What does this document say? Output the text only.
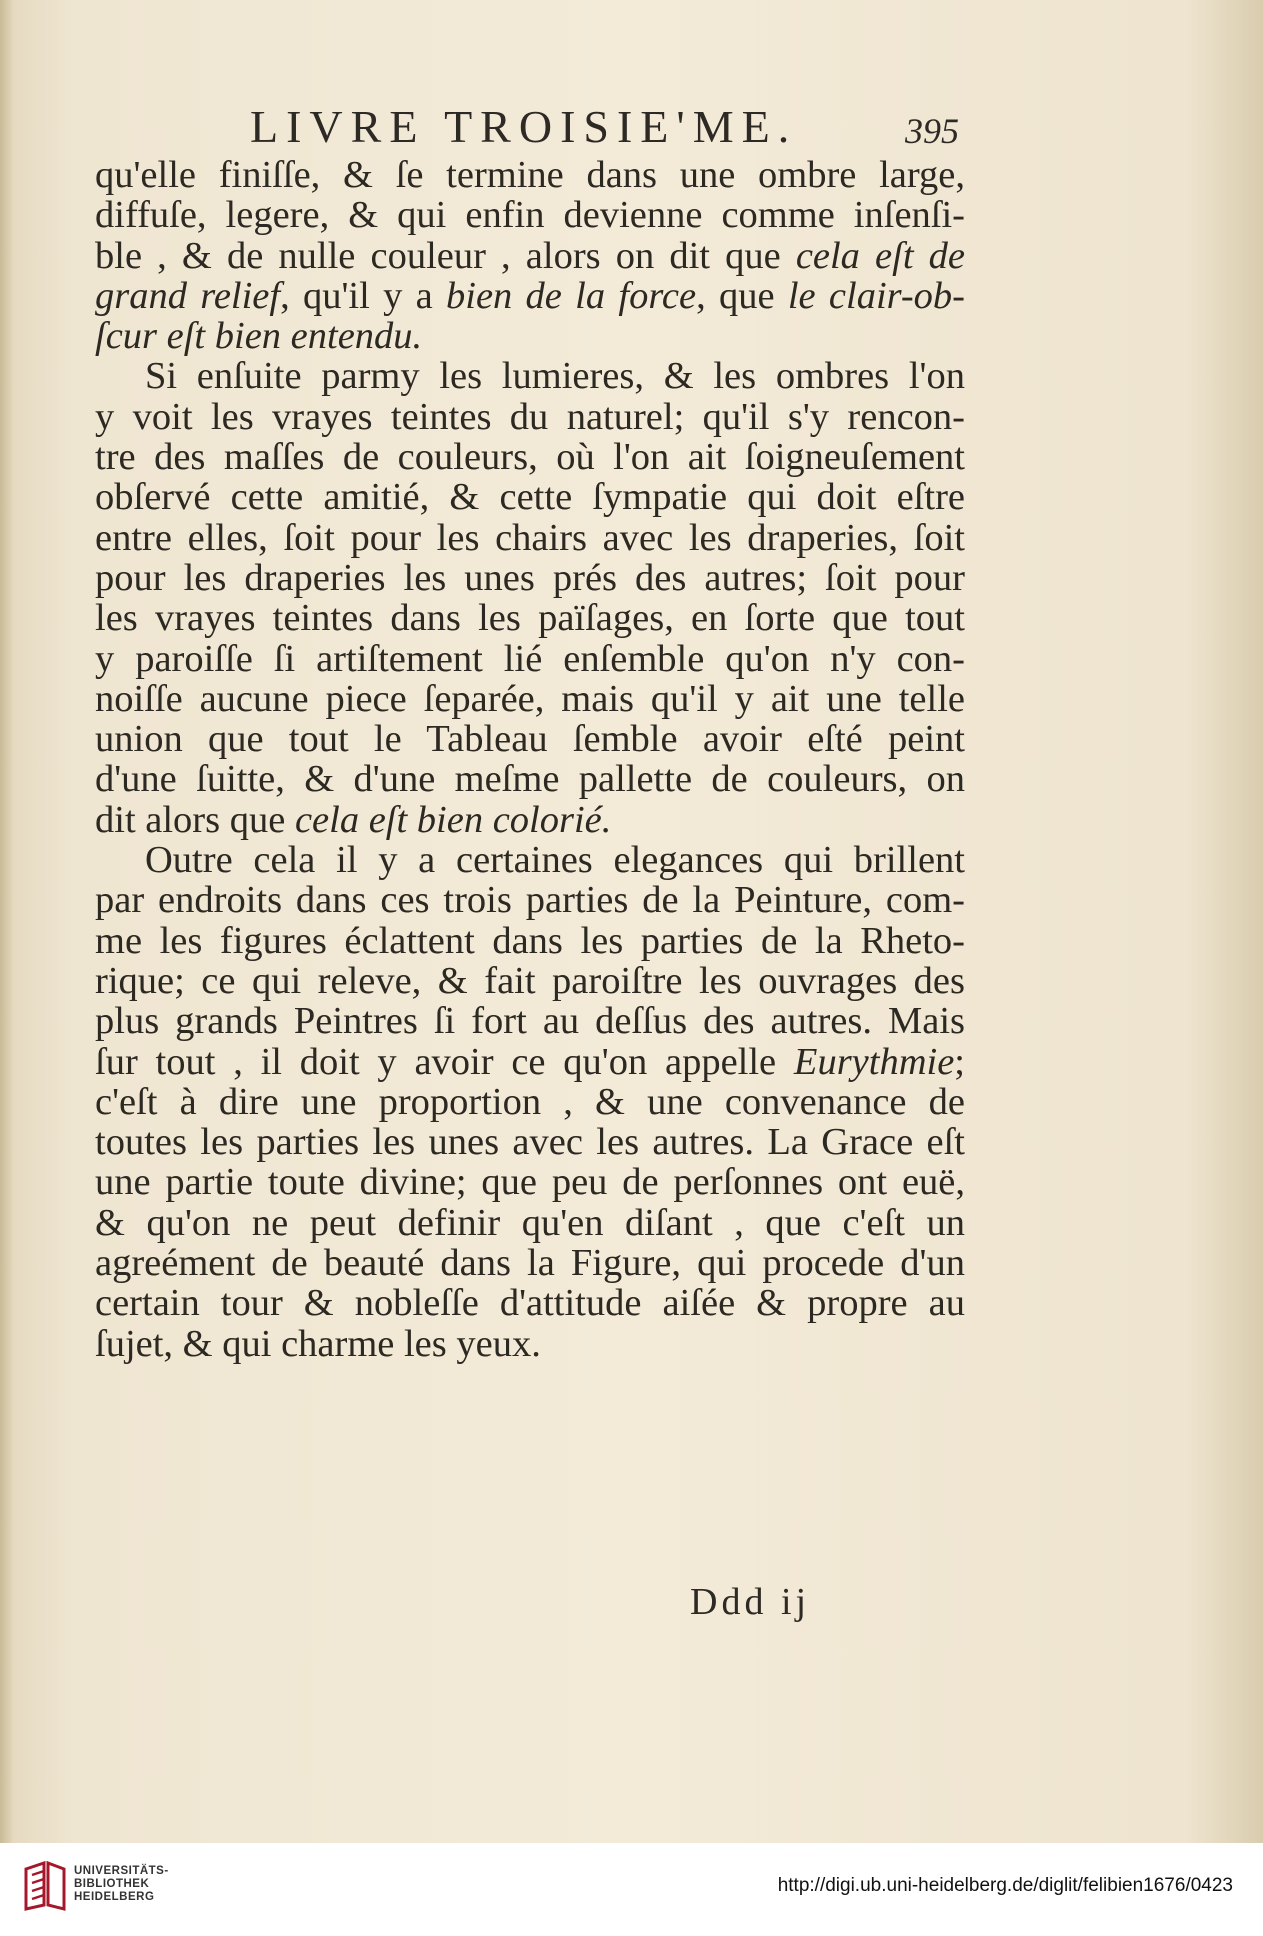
LIVRE TROISIE'ME.	395
qu'elle finiſſe, & ſe termine dans une ombre large,
diffuſe, legere, & qui enfin devienne comme inſenſi-
ble , & de nulle couleur , alors on dit que cela eſt de
grand relief, qu'il y a bien de la force, que le clair-ob-
ſcur eſt bien entendu.
Si enſuite parmy les lumieres, & les ombres l'on
y voit les vrayes teintes du naturel; qu'il s'y rencon-
tre des maſſes de couleurs, où l'on ait ſoigneuſement
obſervé cette amitié, & cette ſympatie qui doit eſtre
entre elles, ſoit pour les chairs avec les draperies, ſoit
pour les draperies les unes prés des autres; ſoit pour
les vrayes teintes dans les païſages, en ſorte que tout
y paroiſſe ſi artiſtement lié enſemble qu'on n'y con-
noiſſe aucune piece ſeparée, mais qu'il y ait une telle
union que tout le Tableau ſemble avoir eſté peint
d'une ſuitte, & d'une meſme pallette de couleurs, on
dit alors que cela eſt bien colorié.
Outre cela il y a certaines elegances qui brillent
par endroits dans ces trois parties de la Peinture, com-
me les figures éclattent dans les parties de la Rheto-
rique; ce qui releve, & fait paroiſtre les ouvrages des
plus grands Peintres ſi fort au deſſus des autres. Mais
ſur tout , il doit y avoir ce qu'on appelle Eurythmie;
c'eſt à dire une proportion , & une convenance de
toutes les parties les unes avec les autres. La Grace eſt
une partie toute divine; que peu de perſonnes ont euë,
& qu'on ne peut definir qu'en diſant , que c'eſt un
agreément de beauté dans la Figure, qui procede d'un
certain tour & nobleſſe d'attitude aiſée & propre au
ſujet, & qui charme les yeux.
Ddd ij
UNIVERSITÄTS-
BIBLIOTHEK
HEIDELBERG
http://digi.ub.uni-heidelberg.de/diglit/felibien1676/0423
